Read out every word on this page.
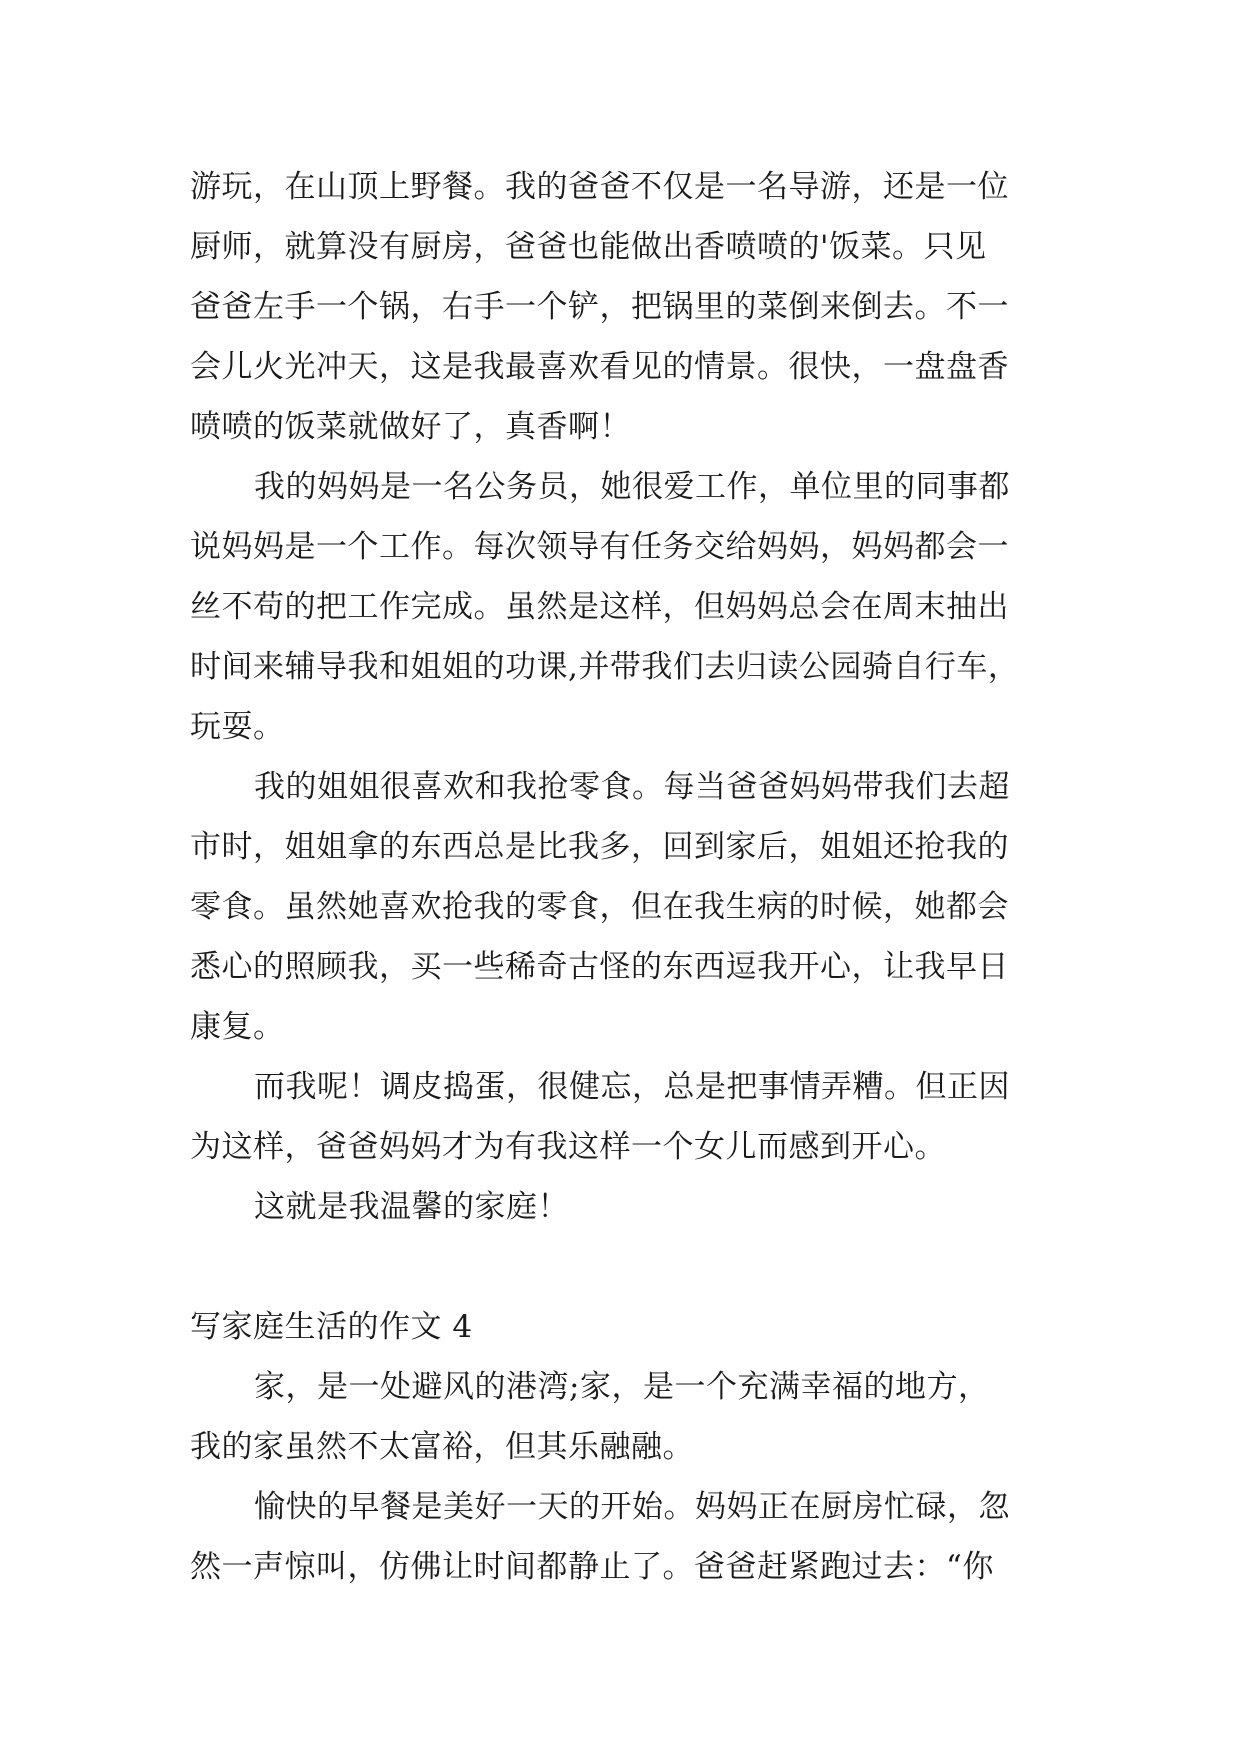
游玩，在山顶上野餐。我的爸爸不仅是一名导游，还是一位
厨师，就算没有厨房，爸爸也能做出香喷喷的'饭菜。只见
爸爸左手一个锅，右手一个铲，把锅里的菜倒来倒去。不一
会儿火光冲天，这是我最喜欢看见的情景。很快，一盘盘香
喷喷的饭菜就做好了，真香啊！
我的妈妈是一名公务员，她很爱工作，单位里的同事都
说妈妈是一个工作。每次领导有任务交给妈妈，妈妈都会一
丝不苟的把工作完成。虽然是这样，但妈妈总会在周末抽出
时间来辅导我和姐姐的功课,并带我们去归读公园骑自行车，
玩耍。
我的姐姐很喜欢和我抢零食。每当爸爸妈妈带我们去超
市时，姐姐拿的东西总是比我多，回到家后，姐姐还抢我的
零食。虽然她喜欢抢我的零食，但在我生病的时候，她都会
悉心的照顾我，买一些稀奇古怪的东西逗我开心，让我早日
康复。
而我呢！调皮捣蛋，很健忘，总是把事情弄糟。但正因
为这样，爸爸妈妈才为有我这样一个女儿而感到开心。
这就是我温馨的家庭！
写家庭生活的作文 4
家，是一处避风的港湾;家，是一个充满幸福的地方，
我的家虽然不太富裕，但其乐融融。
愉快的早餐是美好一天的开始。妈妈正在厨房忙碌，忽
然一声惊叫，仿佛让时间都静止了。爸爸赶紧跑过去：“你
